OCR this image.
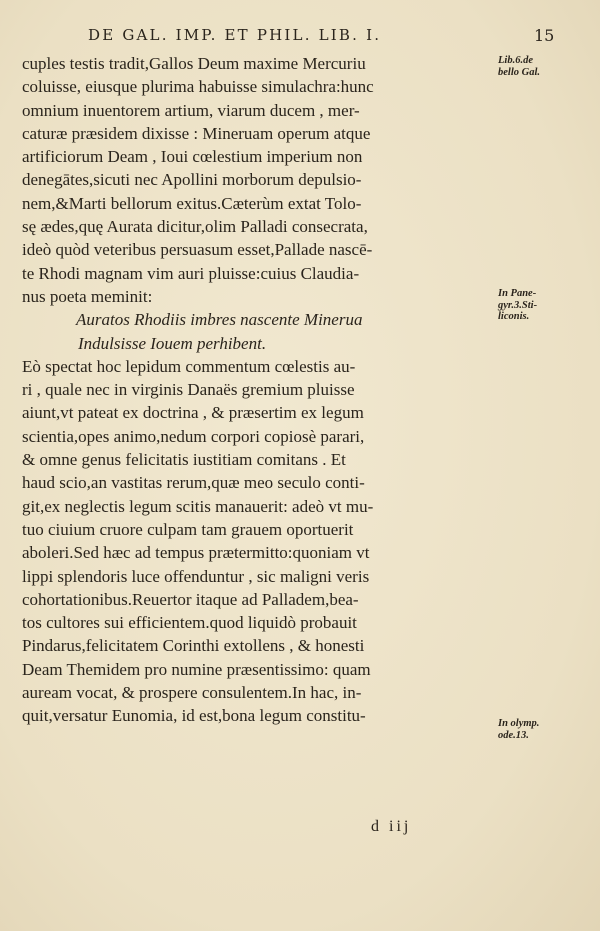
DE GAL. IMP. ET PHIL. LIB. I.	15
cuples testis tradit,Gallos Deum maxime Mercuriu
coluisse, eiusque plurima habuisse simulachra:hunc
omnium inuentorem artium, viarum ducem , mer-
caturæ præsidem dixisse : Mineruam operum atque
artificiorum Deam , Ioui cœlestium imperium non
denegātes,sicuti nec Apollini morborum depulsio-
nem,&Marti bellorum exitus.Cæterùm extat Tolo-
sę ædes,quę Aurata dicitur,olim Palladi consecrata,
ideò quòd veteribus persuasum esset,Pallade nascē-
te Rhodi magnam vim auri pluisse:cuius Claudia-
nus poeta meminit:
Auratos Rhodiis imbres nascente Minerua
Indulsisse Iouem perhibent.
Eò spectat hoc lepidum commentum cœlestis au-
ri , quale nec in virginis Danaës gremium pluisse
aiunt,vt pateat ex doctrina , & præsertim ex legum
scientia,opes animo,nedum corpori copiosè parari,
& omne genus felicitatis iustitiam comitans . Et
haud scio,an vastitas rerum,quæ meo seculo conti-
git,ex neglectis legum scitis manauerit: adeò vt mu-
tuo ciuium cruore culpam tam grauem oportuerit
aboleri.Sed hæc ad tempus prætermitto:quoniam vt
lippi splendoris luce offenduntur , sic maligni veris
cohortationibus.Reuertor itaque ad Palladem,bea-
tos cultores sui efficientem.quod liquidò probauit
Pindarus,felicitatem Corinthi extollens , & honesti
Deam Themidem pro numine præsentissimo: quam
auream vocat, & prospere consulentem.In hac, in-
quit,versatur Eunomia, id est,bona legum constitu-
Lib.6.de
bello Gal.
In Pane-
gyr.3.Sti-
liconis.
In olymp.
ode.13.
d iij
